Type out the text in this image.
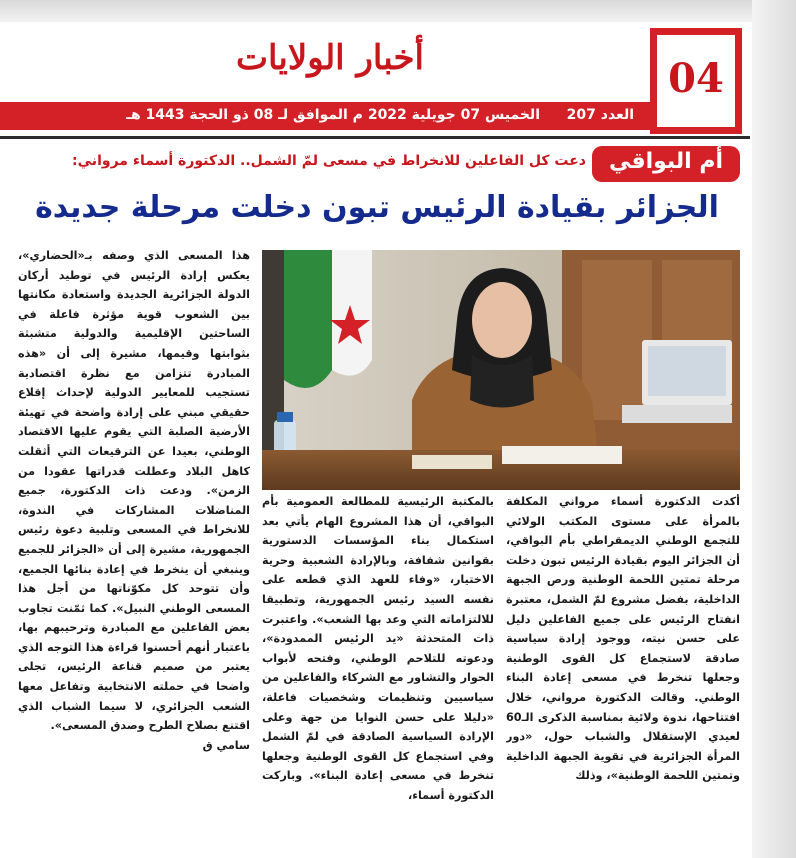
أخبار الولايات	04
العدد 207
الخميس 07 جويلية 2022 م الموافق لـ 08 ذو الحجة 1443 هـ
أم البواقي
دعت كل الفاعلين للانخراط في مسعى لمّ الشمل.. الدكتورة أسماء مرواني:
الجزائر بقيادة الرئيس تبون دخلت مرحلة جديدة

هذا المسعى الذي وصفه بـ«الحضاري»، يعكس إرادة الرئيس في توطيد أركان الدولة الجزائرية الجديدة واستعادة مكانتها بين الشعوب قوية مؤثرة فاعلة في الساحتين الإقليمية والدولية متشبثة بثوابتها وقيمها، مشيرة إلى أن «هذه المبادرة تتزامن مع نظرة اقتصادية تستجيب للمعايير الدولية لإحداث إقلاع حقيقي مبني على إرادة واضحة في تهيئة الأرضية الصلبة التي يقوم عليها الاقتصاد الوطني، بعيدا عن الترقيعات التي أثقلت كاهل البلاد وعطلت قدراتها عقودا من الزمن». ودعت ذات الدكتورة، جميع المناضلات المشاركات في الندوة، للانخراط في المسعى وتلبية دعوة رئيس الجمهورية، مشيرة إلى أن «الجزائر للجميع وينبغي أن ينخرط في إعادة بنائها الجميع، وأن تتوحد كل مكوّناتها من أجل هذا المسعى الوطني النبيل». كما ثمّنت تجاوب بعض الفاعلين مع المبادرة وترحيبهم بها، باعتبار أنهم أحسنوا قراءة هذا التوجه الذي يعتبر من صميم قناعة الرئيس، تجلى واضحا في حملته الانتخابية وتفاعل معها الشعب الجزائري، لا سيما الشباب الذي اقتنع بصلاح الطرح وصدق المسعى».

سامي ق

بالمكتبة الرئيسية للمطالعة العمومية بأم البواقي، أن هذا المشروع الهام يأتي بعد استكمال بناء المؤسسات الدستورية بقوانين شفافة، وبالإرادة الشعبية وحرية الاختيار، «وفاء للعهد الذي قطعه على نفسه السيد رئيس الجمهورية، وتطبيقا للالتزاماته التي وعد بها الشعب». واعتبرت ذات المتحدثة «يد الرئيس الممدودة»، ودعوته للتلاحم الوطني، وفتحه لأبواب الحوار والتشاور مع الشركاء والفاعلين من سياسيين وتنظيمات وشخصيات فاعلة، «دليلا على حسن النوايا من جهة وعلى الإرادة السياسية الصادقة في لمّ الشمل وفي استجماع كل القوى الوطنية وجعلها تنخرط في مسعى إعادة البناء». وباركت الدكتورة أسماء،

أكدت الدكتورة أسماء مرواني المكلفة بالمرأة على مستوى المكتب الولائي للتجمع الوطني الديمقراطي بأم البواقي، أن الجزائر اليوم بقيادة الرئيس تبون دخلت مرحلة تمتين اللحمة الوطنية ورص الجبهة الداخلية، بفضل مشروع لمّ الشمل، معتبرة انفتاح الرئيس على جميع الفاعلين دليل على حسن نيته، ووجود إرادة سياسية صادقة لاستجماع كل القوى الوطنية وجعلها تنخرط في مسعى إعادة البناء الوطني. وقالت الدكتورة مرواني، خلال افتتاحها، ندوة ولائية بمناسبة الذكرى الـ60 لعيدي الإستقلال والشباب حول، «دور المرأة الجزائرية في تقوية الجبهة الداخلية وتمتين اللحمة الوطنية»، وذلك
